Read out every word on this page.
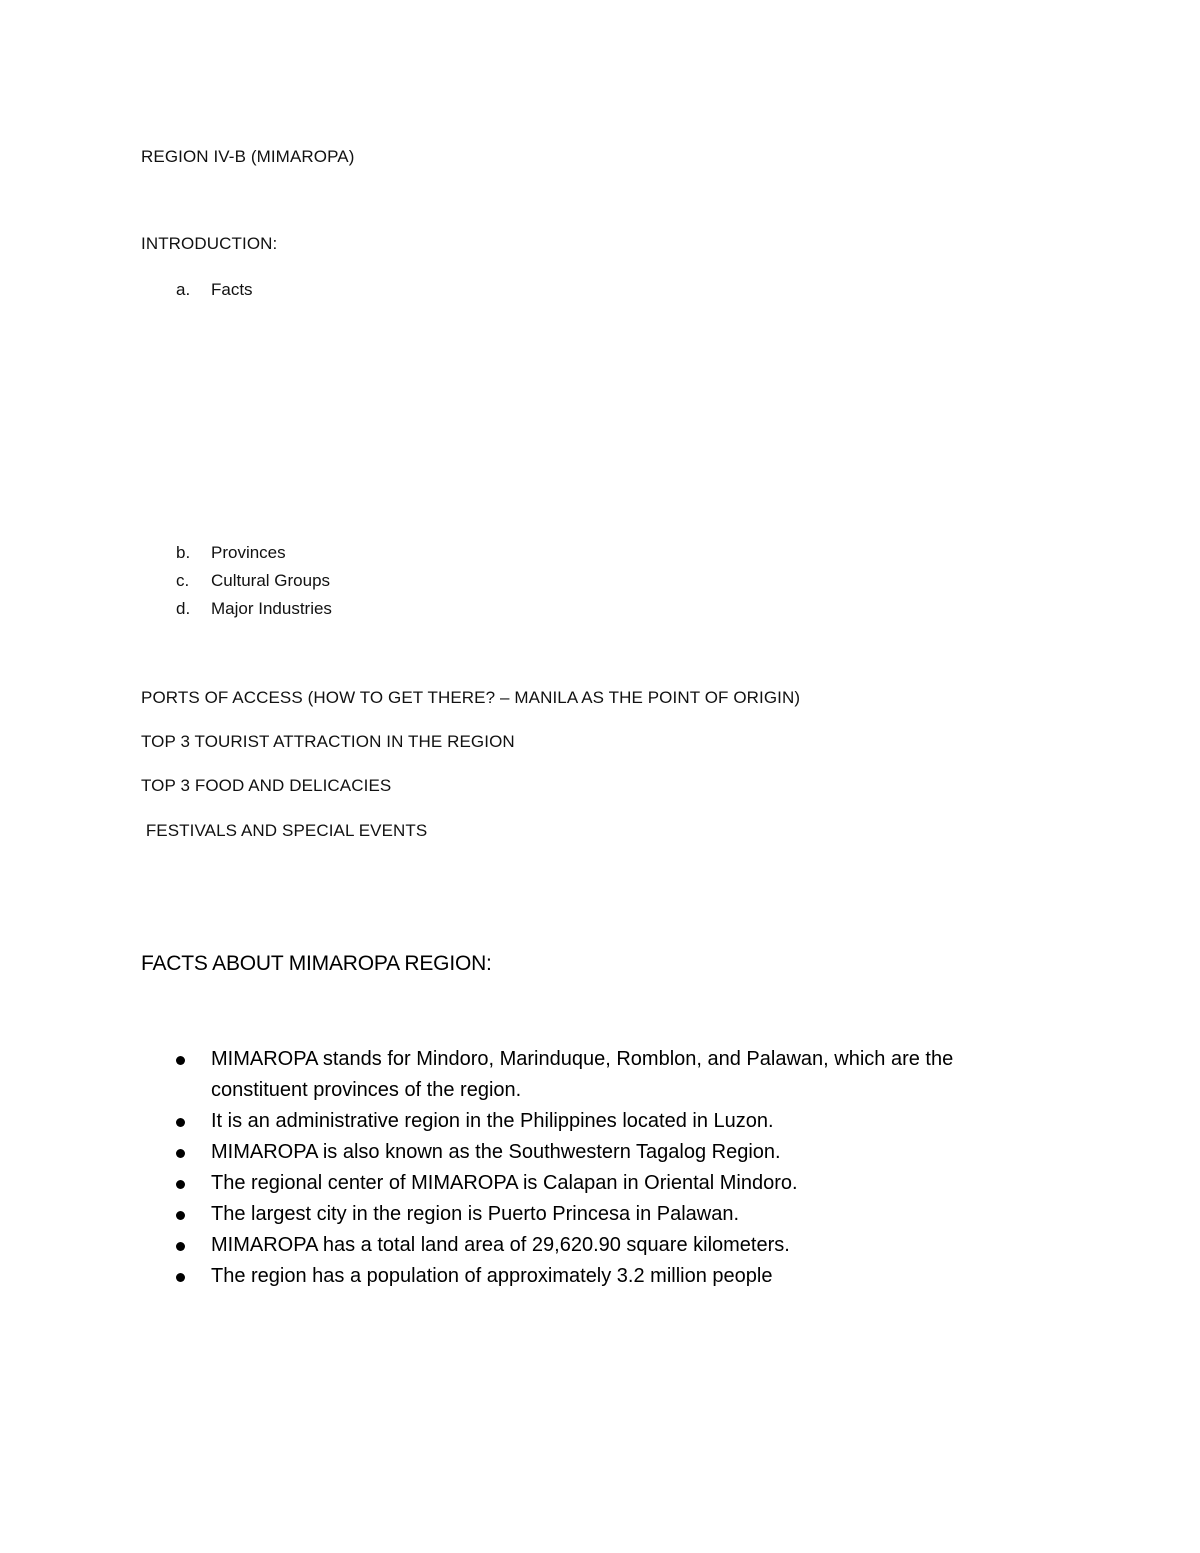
REGION IV-B (MIMAROPA)
INTRODUCTION:
a.	Facts
b.	Provinces
c.	Cultural Groups
d.	Major Industries
PORTS OF ACCESS (HOW TO GET THERE? – MANILA AS THE POINT OF ORIGIN)
TOP 3 TOURIST ATTRACTION IN THE REGION
TOP 3 FOOD AND DELICACIES
FESTIVALS AND SPECIAL EVENTS
FACTS ABOUT MIMAROPA REGION:
MIMAROPA stands for Mindoro, Marinduque, Romblon, and Palawan, which are the constituent provinces of the region.
It is an administrative region in the Philippines located in Luzon.
MIMAROPA is also known as the Southwestern Tagalog Region.
The regional center of MIMAROPA is Calapan in Oriental Mindoro.
The largest city in the region is Puerto Princesa in Palawan.
MIMAROPA has a total land area of 29,620.90 square kilometers.
The region has a population of approximately 3.2 million people
